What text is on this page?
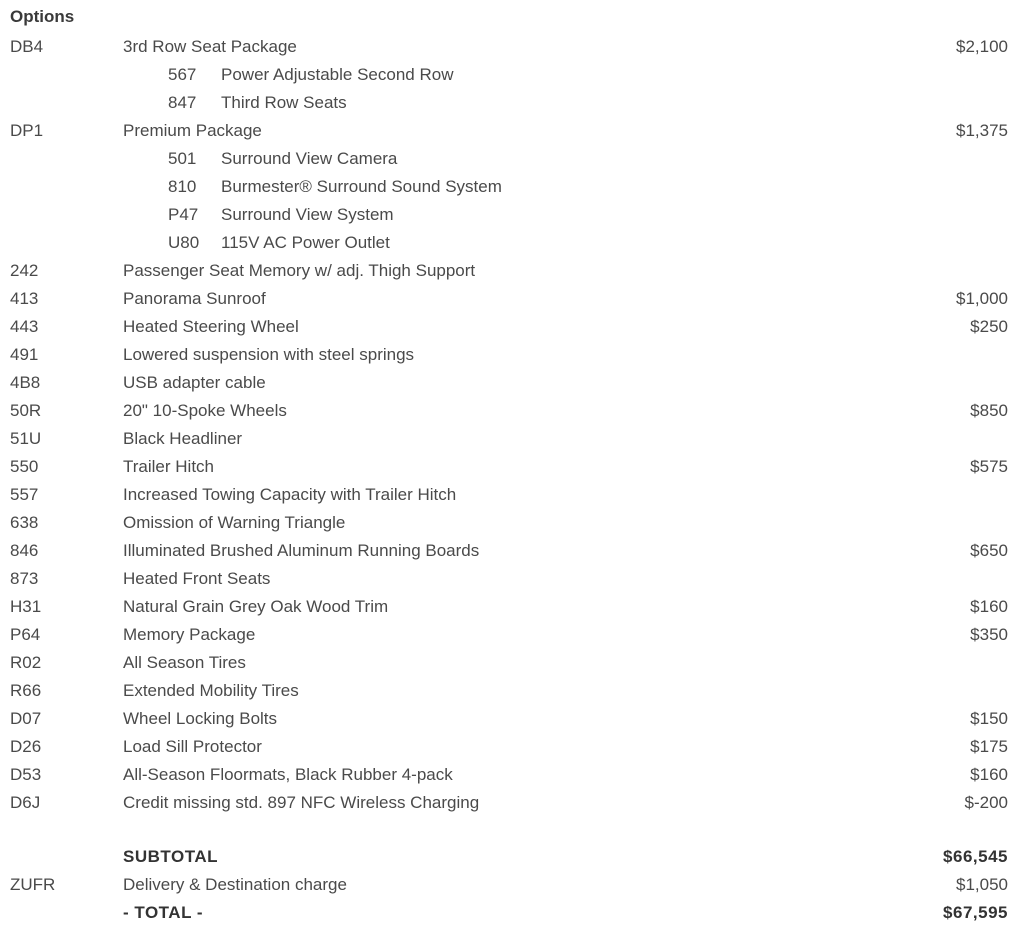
Options
DB4	3rd Row Seat Package	$2,100
567 Power Adjustable Second Row
847 Third Row Seats
DP1	Premium Package	$1,375
501 Surround View Camera
810 Burmester® Surround Sound System
P47 Surround View System
U80 115V AC Power Outlet
242	Passenger Seat Memory w/ adj. Thigh Support
413	Panorama Sunroof	$1,000
443	Heated Steering Wheel	$250
491	Lowered suspension with steel springs
4B8	USB adapter cable
50R	20" 10-Spoke Wheels	$850
51U	Black Headliner
550	Trailer Hitch	$575
557	Increased Towing Capacity with Trailer Hitch
638	Omission of Warning Triangle
846	Illuminated Brushed Aluminum Running Boards	$650
873	Heated Front Seats
H31	Natural Grain Grey Oak Wood Trim	$160
P64	Memory Package	$350
R02	All Season Tires
R66	Extended Mobility Tires
D07	Wheel Locking Bolts	$150
D26	Load Sill Protector	$175
D53	All-Season Floormats, Black Rubber 4-pack	$160
D6J	Credit missing std. 897 NFC Wireless Charging	$-200
SUBTOTAL	$66,545
ZUFR	Delivery & Destination charge	$1,050
- TOTAL -	$67,595
